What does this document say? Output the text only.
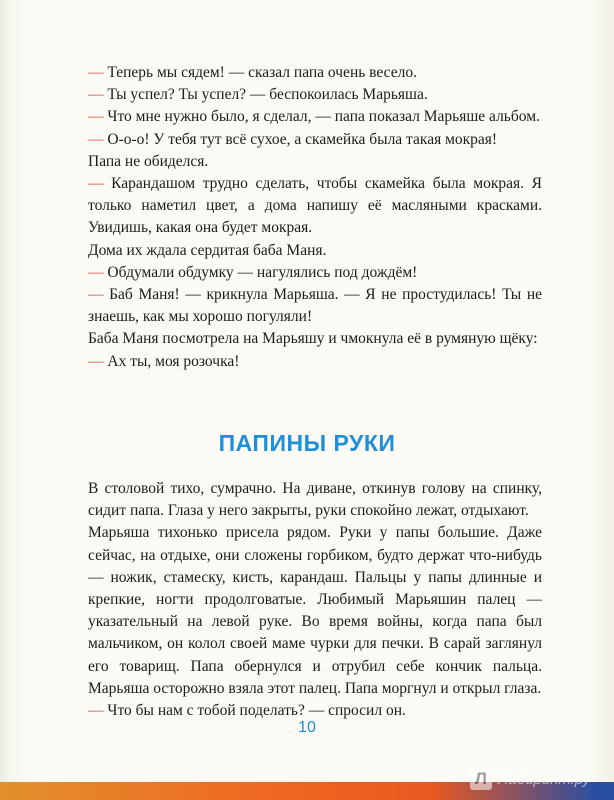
— Теперь мы сядем! — сказал папа очень весело.

— Ты успел? Ты успел? — беспокоилась Марьяша.

— Что мне нужно было, я сделал, — папа показал Марьяше альбом.

— О-о-о! У тебя тут всё сухое, а скамейка была такая мокрая!

Папа не обиделся.

— Карандашом трудно сделать, чтобы скамейка была мокрая. Я только наметил цвет, а дома напишу её масляными красками. Увидишь, какая она будет мокрая.

Дома их ждала сердитая баба Маня.

— Обдумали обдумку — нагулялись под дождём!

— Баб Маня! — крикнула Марьяша. — Я не простудилась! Ты не знаешь, как мы хорошо погуляли!

Баба Маня посмотрела на Марьяшу и чмокнула её в румяную щёку:

— Ах ты, моя розочка!

ПАПИНЫ РУКИ

В столовой тихо, сумрачно. На диване, откинув голову на спинку, сидит папа. Глаза у него закрыты, руки спокойно лежат, отдыхают.

Марьяша тихонько присела рядом. Руки у папы большие. Даже сейчас, на отдыхе, они сложены горбиком, будто держат что-нибудь — ножик, стамеску, кисть, карандаш. Пальцы у папы длинные и крепкие, ногти продолговатые. Любимый Марьяшин палец — указательный на левой руке. Во время войны, когда папа был мальчиком, он колол своей маме чурки для печки. В сарай заглянул его товарищ. Папа обернулся и отрубил себе кончик пальца. Марьяша осторожно взяла этот палец. Папа моргнул и открыл глаза.

— Что бы нам с тобой поделать? — спросил он.

10
Л Лабиринт.ру
